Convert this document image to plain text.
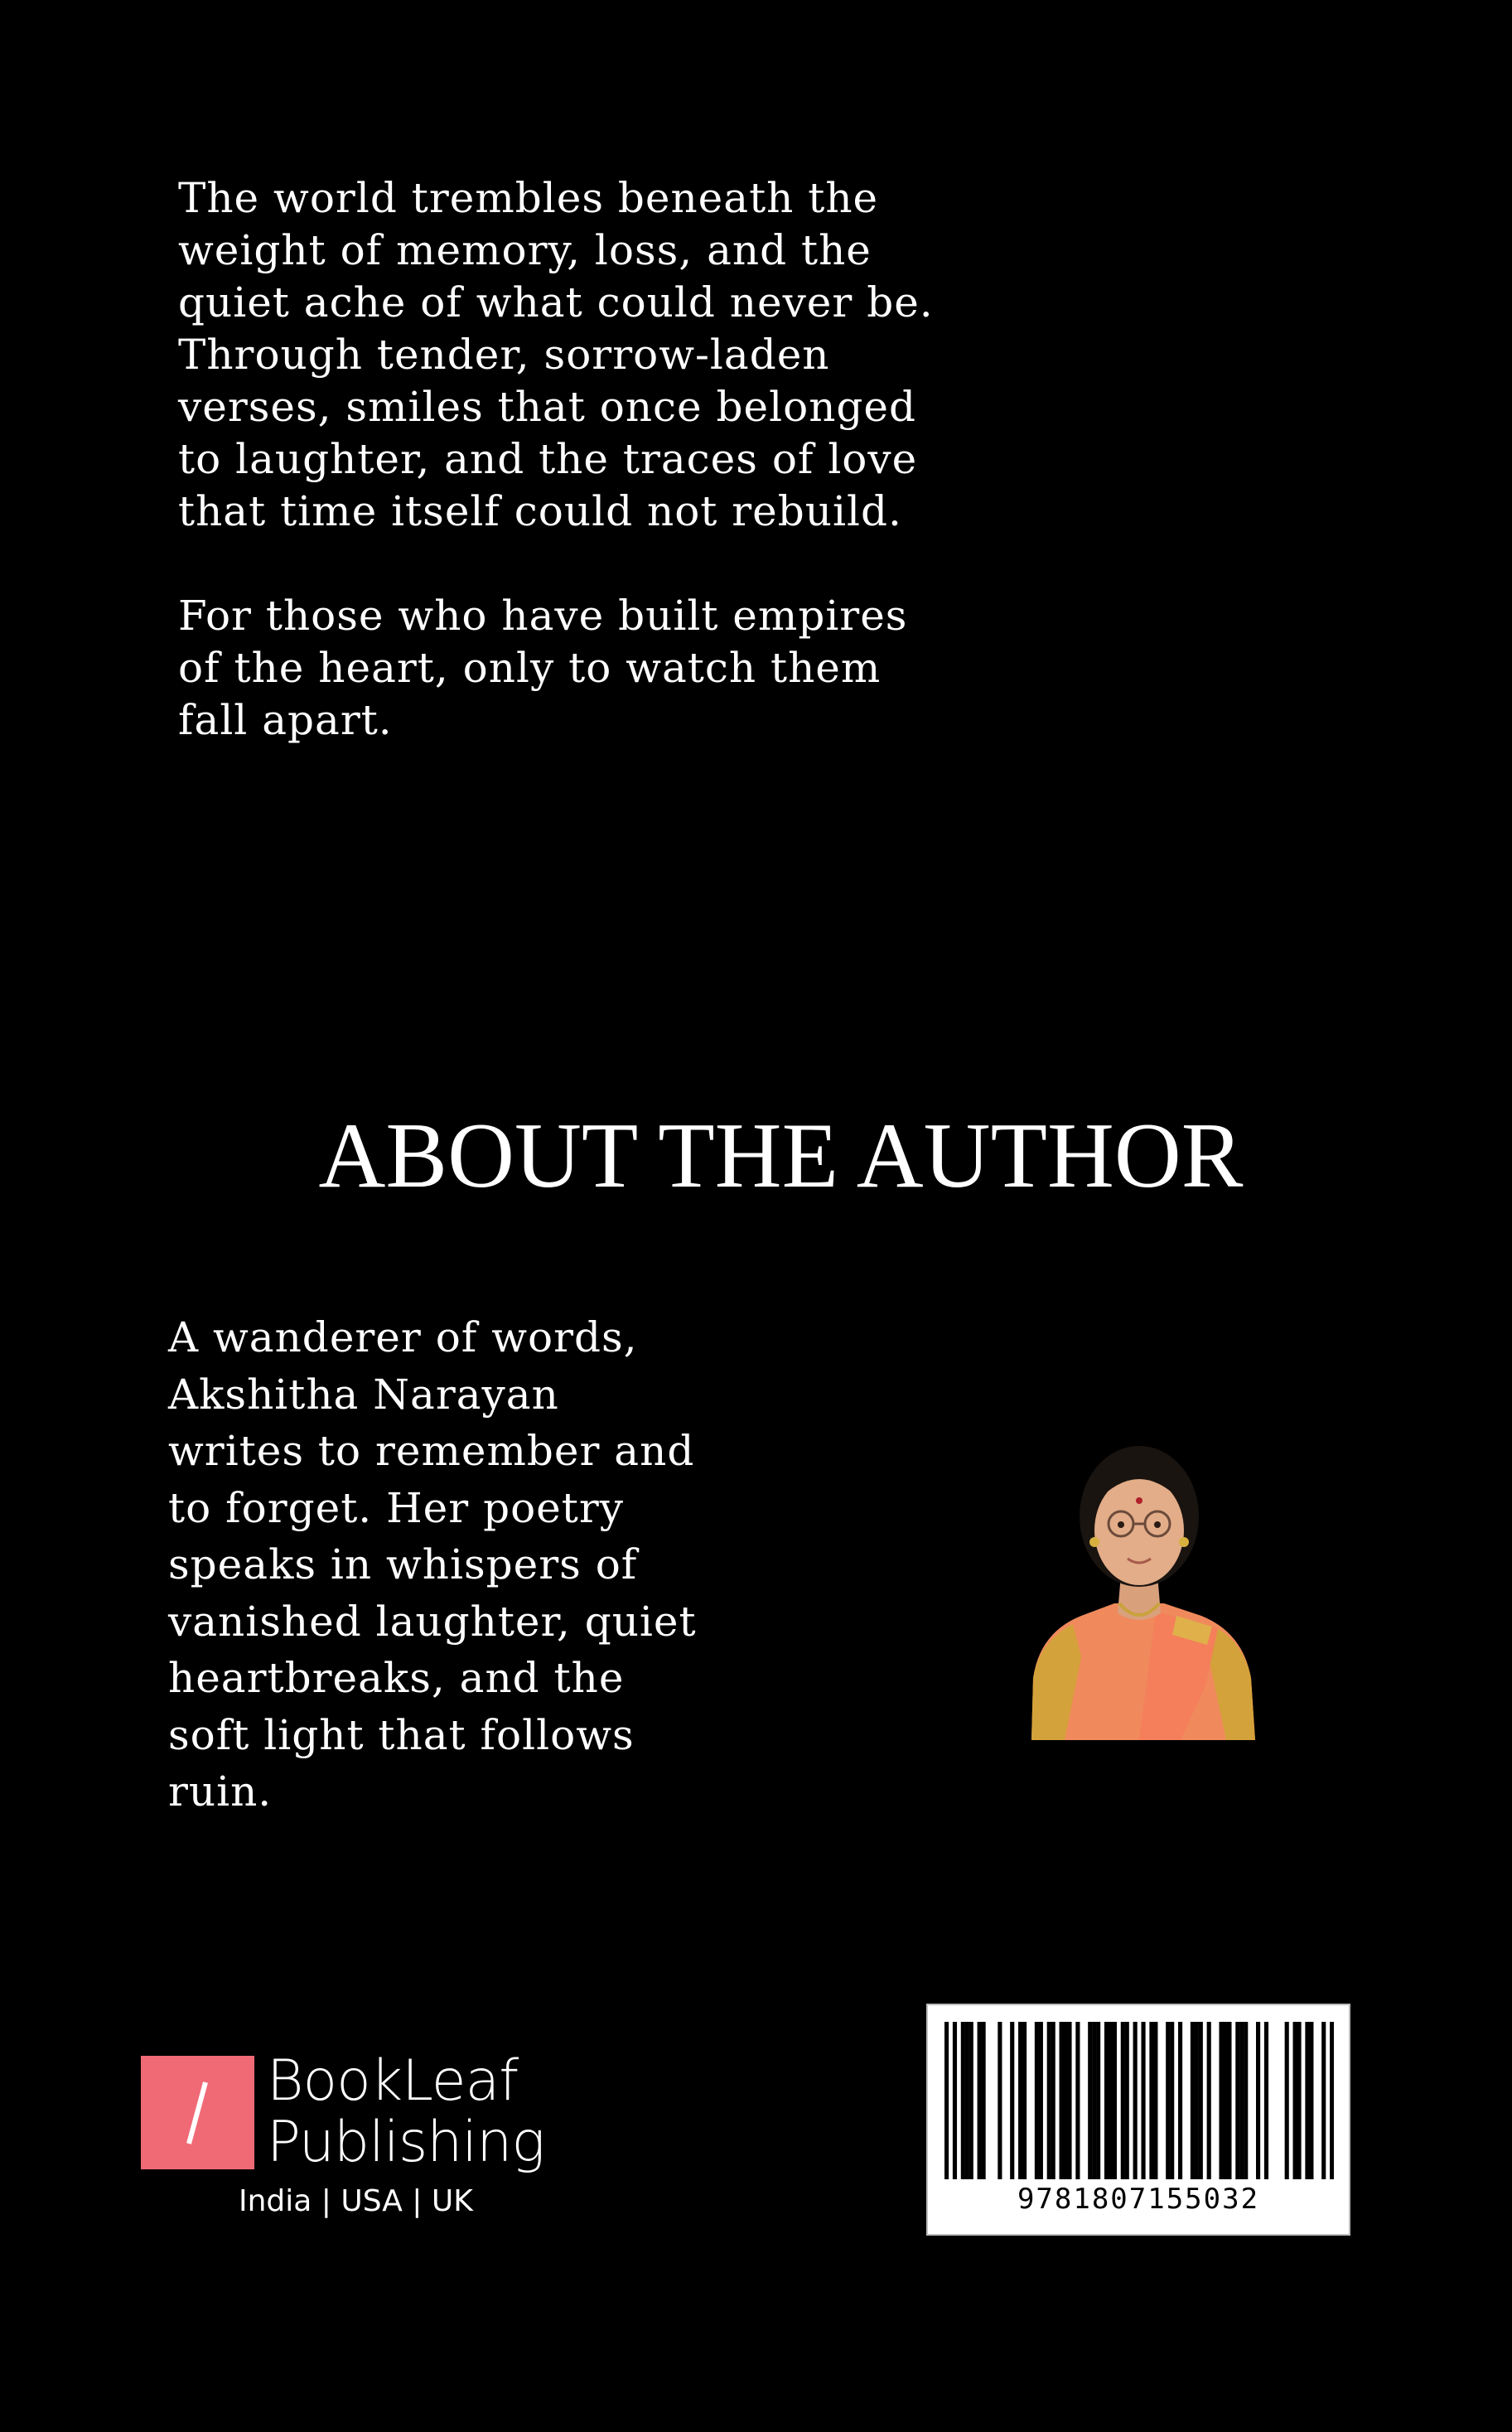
The world trembles beneath the
weight of memory, loss, and the
quiet ache of what could never be.
Through tender, sorrow-laden
verses, smiles that once belonged
to laughter, and the traces of love
that time itself could not rebuild.

For those who have built empires
of the heart, only to watch them
fall apart.

ABOUT THE AUTHOR

A wanderer of words,
Akshitha Narayan
writes to remember and
to forget. Her poetry
speaks in whispers of
vanished laughter, quiet
heartbreaks, and the
soft light that follows
ruin.

BookLeaf
Publishing
India | USA | UK	9781807155032
